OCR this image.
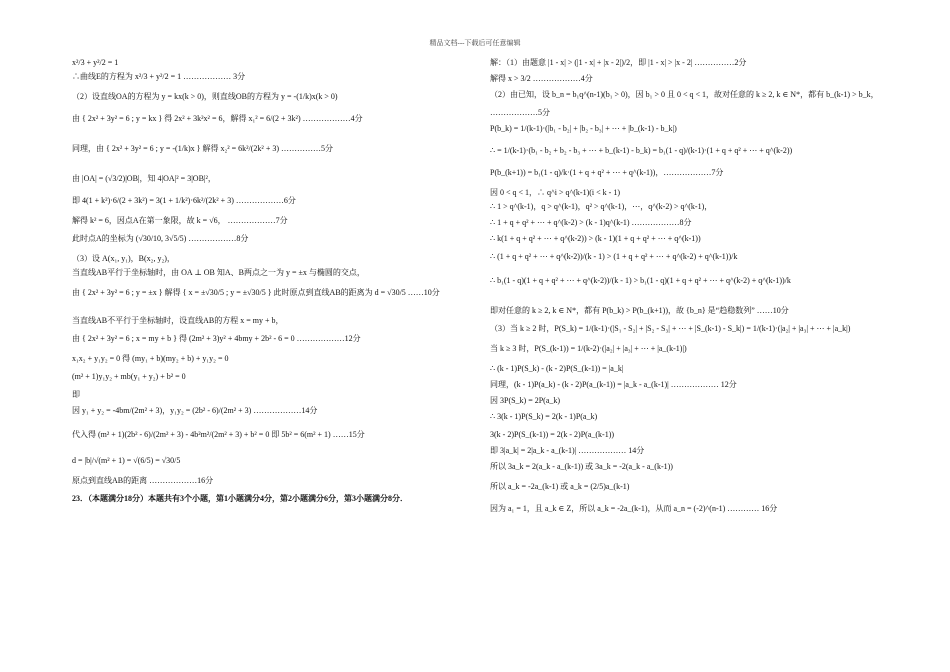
精品文档---下载后可任意编辑
x²/3 + y²/2 = 1
∴曲线E的方程为 x²/3 + y²/2 = 1 ……………… 3分
（2）设直线OA的方程为 y = kx(k > 0)，则直线OB的方程为 y = -(1/k)x(k > 0)
由 { 2x² + 3y² = 6 ; y = kx } 得 2x² + 3k²x² = 6，解得 x₁² = 6/(2 + 3k²) ………………4分
同理，由 { 2x² + 3y² = 6 ; y = -(1/k)x } 解得 x₂² = 6k²/(2k² + 3) ……………5分
由 |OA| = (√3/2)|OB|，知 4|OA|² = 3|OB|²，
即 4(1 + k²)·6/(2 + 3k²) = 3(1 + 1/k²)·6k²/(2k² + 3) ………………6分
解得 k² = 6，因点A在第一象限，故 k = √6， ………………7分
此时点A的坐标为 (√30/10, 3√5/5) ………………8分
（3）设 A(x₁, y₁)，B(x₂, y₂)，
当直线AB平行于坐标轴时，由 OA ⊥ OB 知A、B两点之一为 y = ±x 与椭圆的交点，
由 { 2x² + 3y² = 6 ; y = ±x } 解得 { x = ±√30/5 ; y = ±√30/5 } 此时原点到直线AB的距离为 d = √30/5 ……10分
当直线AB不平行于坐标轴时，设直线AB的方程 x = my + b，
由 { 2x² + 3y² = 6 ; x = my + b } 得 (2m² + 3)y² + 4bmy + 2b² - 6 = 0 ………………12分
x₁x₂ + y₁y₂ = 0 得 (my₁ + b)(my₂ + b) + y₁y₂ = 0
(m² + 1)y₁y₂ + mb(y₁ + y₂) + b² = 0
即
因 y₁ + y₂ = -4bm/(2m² + 3)，y₁y₂ = (2b² - 6)/(2m² + 3) ………………14分
代入得 (m² + 1)(2b² - 6)/(2m² + 3) - 4b²m²/(2m² + 3) + b² = 0 即 5b² = 6(m² + 1) ……15分
d = |b|/√(m² + 1) = √(6/5) = √30/5
原点到直线AB的距离 ………………16分
23．（本题满分18分）本题共有3个小题，第1小题满分4分，第2小题满分6分，第3小题满分8分．
解：（1）由题意 |1 - x| > (|1 - x| + |x - 2|)/2，即 |1 - x| > |x - 2| ……………2分
解得 x > 3/2 ………………4分
（2）由已知，设 b_n = b₁q^(n-1)(b₁ > 0)，因 b₁ > 0 且 0 < q < 1，故对任意的 k ≥ 2, k ∈ N*，都有 b_(k-1) > b_k，
………………5分
P(b_k) = 1/(k-1)·(|b₁ - b₂| + |b₂ - b₃| + ⋯ + |b_(k-1) - b_k|)
∴ = 1/(k-1)·(b₁ - b₂ + b₂ - b₃ + ⋯ + b_(k-1) - b_k) = b₁(1 - q)/(k-1)·(1 + q + q² + ⋯ + q^(k-2))
P(b_(k+1)) = b₁(1 - q)/k·(1 + q + q² + ⋯ + q^(k-1))，………………7分
因 0 < q < 1，∴ q^i > q^(k-1)(i < k - 1)
∴ 1 > q^(k-1)，q > q^(k-1)，q² > q^(k-1)，⋯，q^(k-2) > q^(k-1)，
∴ 1 + q + q² + ⋯ + q^(k-2) > (k - 1)q^(k-1) ………………8分
∴ k(1 + q + q² + ⋯ + q^(k-2)) > (k - 1)(1 + q + q² + ⋯ + q^(k-1))
∴ (1 + q + q² + ⋯ + q^(k-2))/(k - 1) > (1 + q + q² + ⋯ + q^(k-2) + q^(k-1))/k
∴ b₁(1 - q)(1 + q + q² + ⋯ + q^(k-2))/(k - 1) > b₁(1 - q)(1 + q + q² + ⋯ + q^(k-2) + q^(k-1))/k
即对任意的 k ≥ 2, k ∈ N*，都有 P(b_k) > P(b_(k+1))，故 {b_n} 是“趋稳数列” ……10分
（3）当 k ≥ 2 时，P(S_k) = 1/(k-1)·(|S₁ - S₂| + |S₂ - S₃| + ⋯ + |S_(k-1) - S_k|) = 1/(k-1)·(|a₂| + |a₃| + ⋯ + |a_k|)
当 k ≥ 3 时，P(S_(k-1)) = 1/(k-2)·(|a₂| + |a₃| + ⋯ + |a_(k-1)|)
∴ (k - 1)P(S_k) - (k - 2)P(S_(k-1)) = |a_k|
同理，(k - 1)P(a_k) - (k - 2)P(a_(k-1)) = |a_k - a_(k-1)| ……………… 12分
因 3P(S_k) = 2P(a_k)
∴ 3(k - 1)P(S_k) = 2(k - 1)P(a_k)
3(k - 2)P(S_(k-1)) = 2(k - 2)P(a_(k-1))
即 3|a_k| = 2|a_k - a_(k-1)| ……………… 14分
所以 3a_k = 2(a_k - a_(k-1)) 或 3a_k = -2(a_k - a_(k-1))
所以 a_k = -2a_(k-1) 或 a_k = (2/5)a_(k-1)
因为 a₁ = 1，且 a_k ∈ Z，所以 a_k = -2a_(k-1)，从而 a_n = (-2)^(n-1) ………… 16分
